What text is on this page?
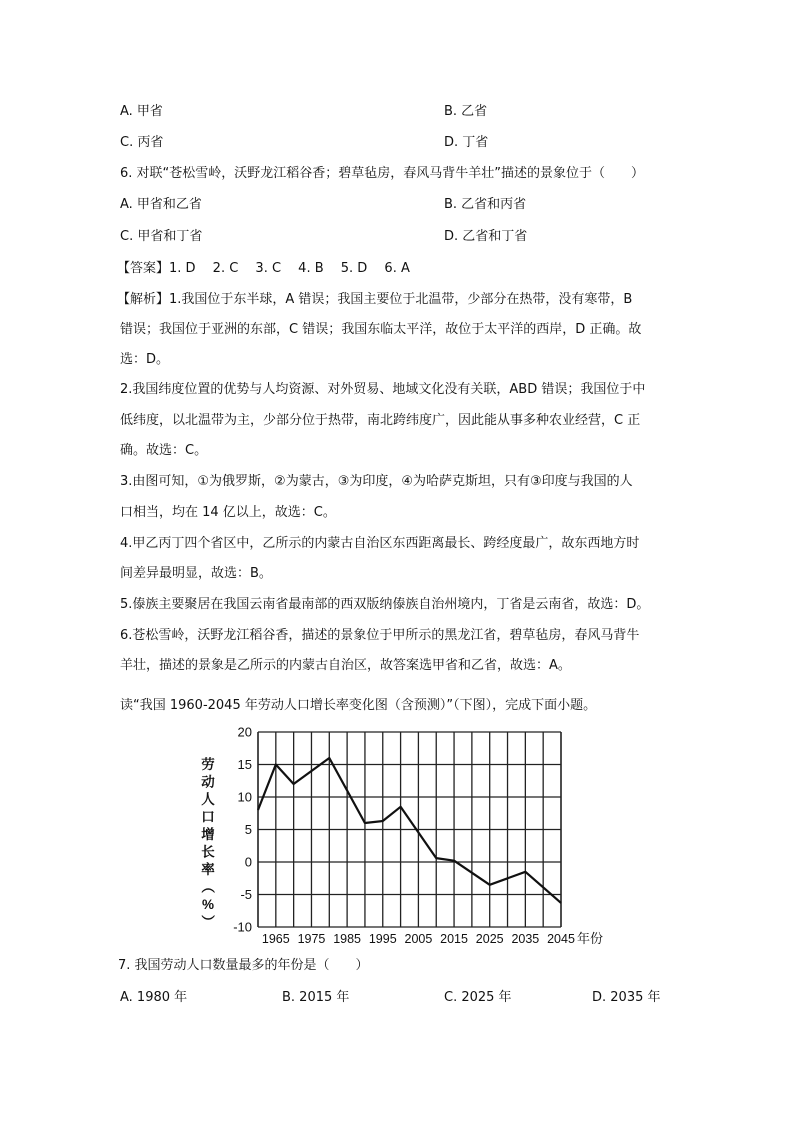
A. 甲省	B. 乙省
C. 丙省	D. 丁省
6. 对联“苍松雪岭，沃野龙江稻谷香；碧草毡房，春风马背牛羊壮”描述的景象位于（　　）
A. 甲省和乙省	B. 乙省和丙省
C. 甲省和丁省	D. 乙省和丁省
【答案】1. D　 2. C　 3. C　 4. B　 5. D　 6. A
【解析】1.我国位于东半球，A 错误；我国主要位于北温带，少部分在热带，没有寒带，B
错误；我国位于亚洲的东部，C 错误；我国东临太平洋，故位于太平洋的西岸，D 正确。故
选：D。
2.我国纬度位置的优势与人均资源、对外贸易、地域文化没有关联，ABD 错误；我国位于中
低纬度，以北温带为主，少部分位于热带，南北跨纬度广，因此能从事多种农业经营，C 正
确。故选：C。
3.由图可知，①为俄罗斯，②为蒙古，③为印度，④为哈萨克斯坦，只有③印度与我国的人
口相当，均在 14 亿以上，故选：C。
4.甲乙丙丁四个省区中，乙所示的内蒙古自治区东西距离最长、跨经度最广，故东西地方时
间差异最明显，故选：B。
5.傣族主要聚居在我国云南省最南部的西双版纳傣族自治州境内，丁省是云南省，故选：D。
6.苍松雪岭，沃野龙江稻谷香，描述的景象位于甲所示的黑龙江省，碧草毡房，春风马背牛
羊壮，描述的景象是乙所示的内蒙古自治区，故答案选甲省和乙省，故选：A。
读“我国 1960-2045 年劳动人口增长率变化图（含预测）”（下图），完成下面小题。
20
15
10
5
0
-5
-10
1965 1975 1985 1995 2005 2015 2025 2035 2045
劳
动
人
口
增
长
率
（
%
）
年份
7. 我国劳动人口数量最多的年份是（　　）
A. 1980 年	B. 2015 年	C. 2025 年	D. 2035 年
